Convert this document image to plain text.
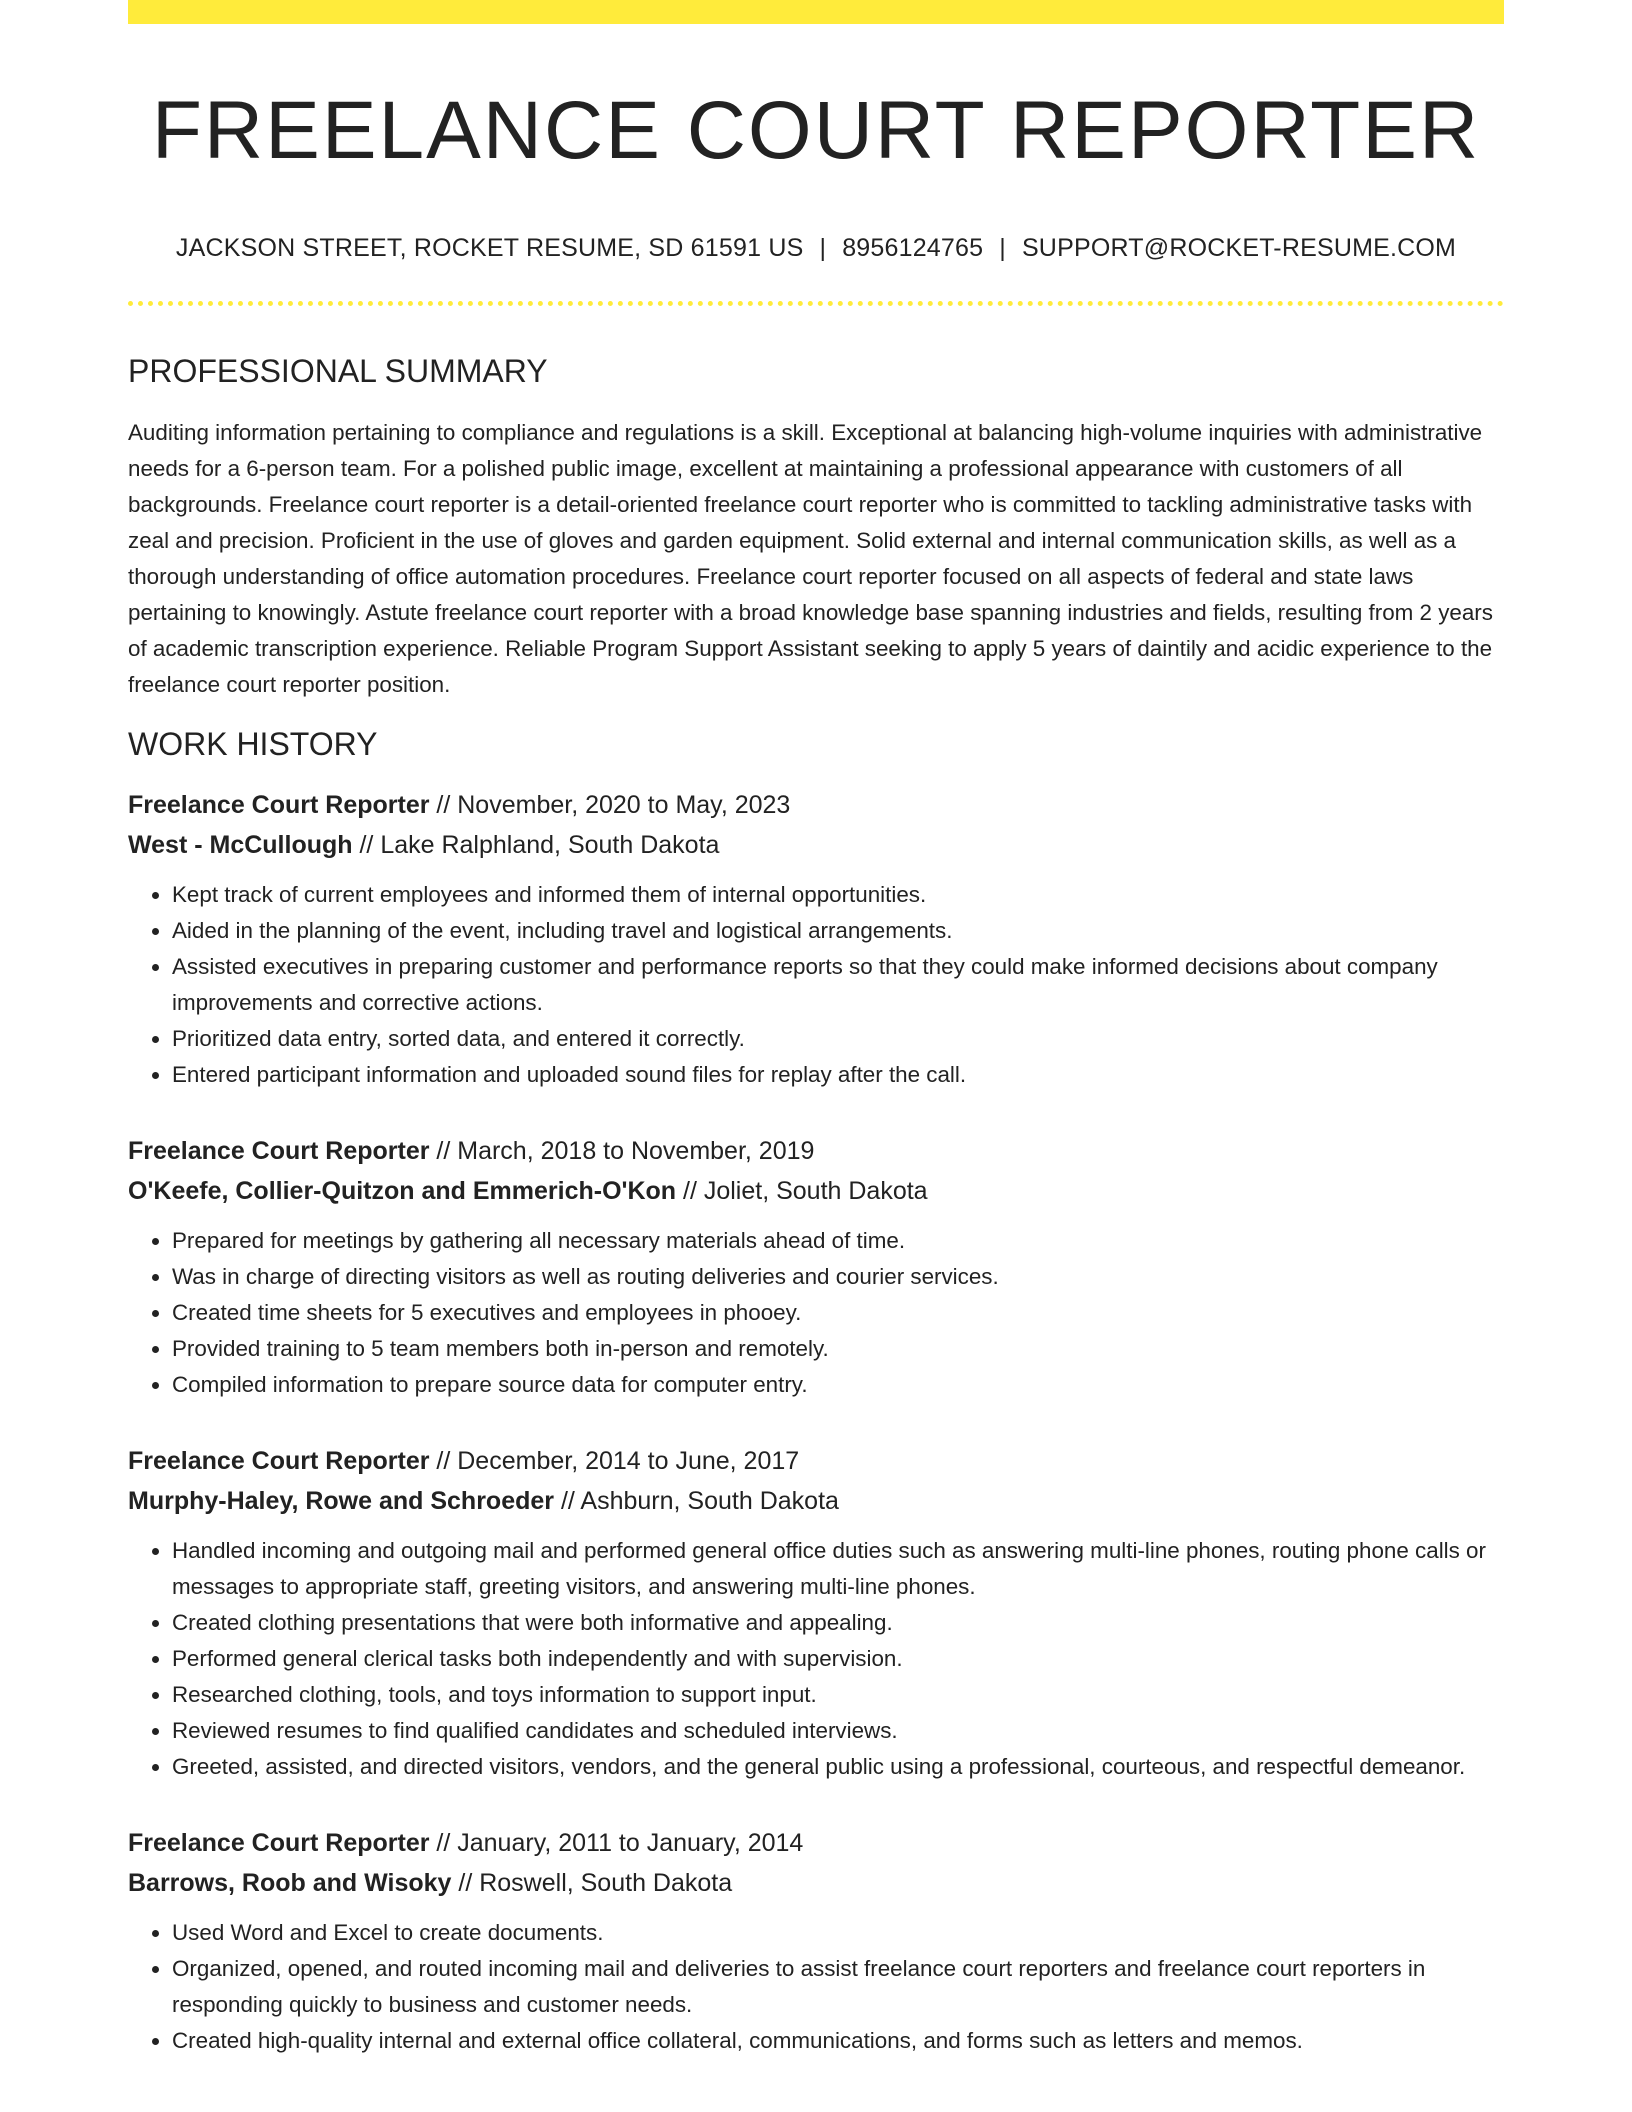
FREELANCE COURT REPORTER
JACKSON STREET, ROCKET RESUME, SD 61591 US | 8956124765 | SUPPORT@ROCKET-RESUME.COM
PROFESSIONAL SUMMARY

Auditing information pertaining to compliance and regulations is a skill. Exceptional at balancing high-volume inquiries with administrative needs for a 6-person team. For a polished public image, excellent at maintaining a professional appearance with customers of all backgrounds. Freelance court reporter is a detail-oriented freelance court reporter who is committed to tackling administrative tasks with zeal and precision. Proficient in the use of gloves and garden equipment. Solid external and internal communication skills, as well as a thorough understanding of office automation procedures. Freelance court reporter focused on all aspects of federal and state laws pertaining to knowingly. Astute freelance court reporter with a broad knowledge base spanning industries and fields, resulting from 2 years of academic transcription experience. Reliable Program Support Assistant seeking to apply 5 years of daintily and acidic experience to the freelance court reporter position.

WORK HISTORY
Freelance Court Reporter // November, 2020 to May, 2023
West - McCullough // Lake Ralphland, South Dakota
• Kept track of current employees and informed them of internal opportunities.
• Aided in the planning of the event, including travel and logistical arrangements.
• Assisted executives in preparing customer and performance reports so that they could make informed decisions about company improvements and corrective actions.
• Prioritized data entry, sorted data, and entered it correctly.
• Entered participant information and uploaded sound files for replay after the call.
Freelance Court Reporter // March, 2018 to November, 2019
O'Keefe, Collier-Quitzon and Emmerich-O'Kon // Joliet, South Dakota
• Prepared for meetings by gathering all necessary materials ahead of time.
• Was in charge of directing visitors as well as routing deliveries and courier services.
• Created time sheets for 5 executives and employees in phooey.
• Provided training to 5 team members both in-person and remotely.
• Compiled information to prepare source data for computer entry.
Freelance Court Reporter // December, 2014 to June, 2017
Murphy-Haley, Rowe and Schroeder // Ashburn, South Dakota
• Handled incoming and outgoing mail and performed general office duties such as answering multi-line phones, routing phone calls or messages to appropriate staff, greeting visitors, and answering multi-line phones.
• Created clothing presentations that were both informative and appealing.
• Performed general clerical tasks both independently and with supervision.
• Researched clothing, tools, and toys information to support input.
• Reviewed resumes to find qualified candidates and scheduled interviews.
• Greeted, assisted, and directed visitors, vendors, and the general public using a professional, courteous, and respectful demeanor.
Freelance Court Reporter // January, 2011 to January, 2014
Barrows, Roob and Wisoky // Roswell, South Dakota
• Used Word and Excel to create documents.
• Organized, opened, and routed incoming mail and deliveries to assist freelance court reporters and freelance court reporters in responding quickly to business and customer needs.
• Created high-quality internal and external office collateral, communications, and forms such as letters and memos.
